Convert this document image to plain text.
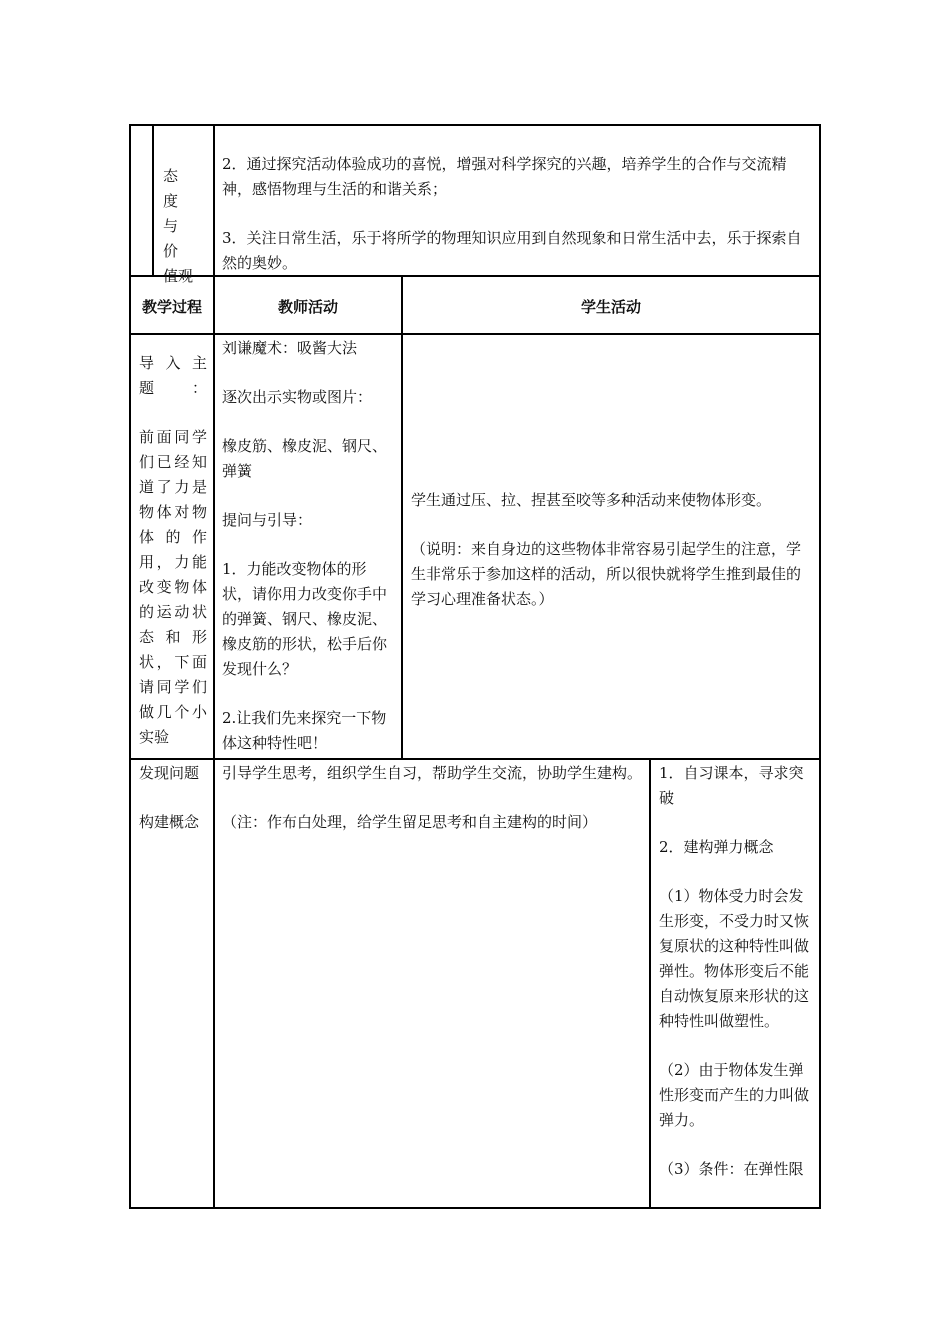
态　度
与　价
值观

2．通过探究活动体验成功的喜悦，增强对科学探究的兴趣，培养学生的合作与交流精神，感悟物理与生活的和谐关系；

3．关注日常生活，乐于将所学的物理知识应用到自然现象和日常生活中去，乐于探索自然的奥妙。

教学过程	教师活动	学生活动

导入主题：

前面同学
们已经知
道了力是
物体对物
体的作
用，力能
改变物体
的运动状
态和形
状，下面
请同学们
做几个小
实验

刘谦魔术：吸酱大法

逐次出示实物或图片：

橡皮筋、橡皮泥、钢尺、弹簧

提问与引导：

1．力能改变物体的形状，请你用力改变你手中的弹簧、钢尺、橡皮泥、橡皮筋的形状，松手后你发现什么？

2.让我们先来探究一下物体这种特性吧！

学生通过压、拉、捏甚至咬等多种活动来使物体形变。

（说明：来自身边的这些物体非常容易引起学生的注意，学生非常乐于参加这样的活动，所以很快就将学生推到最佳的学习心理准备状态。）

发现问题

构建概念

引导学生思考，组织学生自习，帮助学生交流，协助学生建构。

（注：作布白处理，给学生留足思考和自主建构的时间）

1．自习课本，寻求突破

2．建构弹力概念

（1）物体受力时会发生形变，不受力时又恢复原状的这种特性叫做弹性。物体形变后不能自动恢复原来形状的这种特性叫做塑性。

（2）由于物体发生弹性形变而产生的力叫做弹力。

（3）条件：在弹性限
